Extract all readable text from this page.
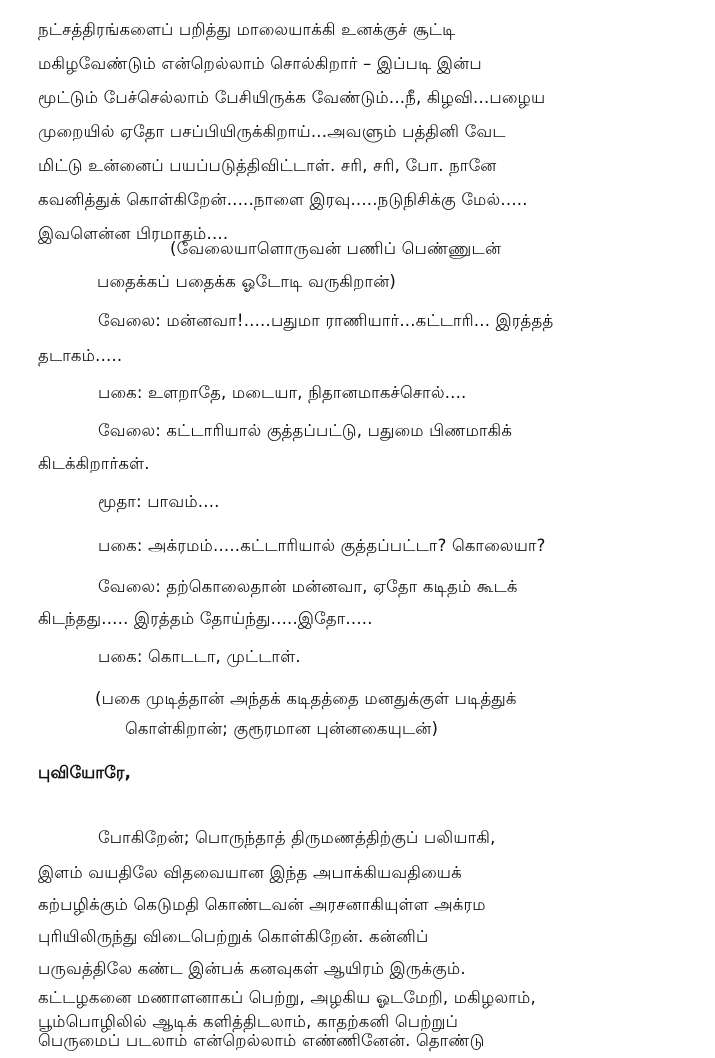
நட்சத்திரங்களைப் பறித்து மாலையாக்கி உனக்குச் சூட்டி
மகிழவேண்டும் என்றெல்லாம் சொல்கிறார் – இப்படி இன்ப
மூட்டும் பேச்செல்லாம் பேசியிருக்க வேண்டும்...நீ, கிழவி...பழைய
முறையில் ஏதோ பசப்பியிருக்கிறாய்...அவளும் பத்தினி வேட
மிட்டு உன்னைப் பயப்படுத்திவிட்டாள். சரி, சரி, போ. நானே
கவனித்துக் கொள்கிறேன்.....நாளை இரவு.....நடுநிசிக்கு மேல்.....
இவளென்ன பிரமாதம்....
(வேலையாளொருவன் பணிப் பெண்ணுடன்
பதைக்கப் பதைக்க ஓடோடி வருகிறான்)
வேலை: மன்னவா!.....பதுமா ராணியார்...கட்டாரி... இரத்தத்
தடாகம்.....
பகை: உளறாதே, மடையா, நிதானமாகச்சொல்....
வேலை: கட்டாரியால் குத்தப்பட்டு, பதுமை பிணமாகிக்
கிடக்கிறார்கள்.
மூதா: பாவம்....
பகை: அக்ரமம்.....கட்டாரியால் குத்தப்பட்டா? கொலையா?
வேலை: தற்கொலைதான் மன்னவா, ஏதோ கடிதம் கூடக்
கிடந்தது..... இரத்தம் தோய்ந்து.....இதோ.....
பகை: கொடடா, முட்டாள்.
(பகை முடித்தான் அந்தக் கடிதத்தை மனதுக்குள் படித்துக்
கொள்கிறான்; குரூரமான புன்னகையுடன்)
புவியோரே,
போகிறேன்; பொருந்தாத் திருமணத்திற்குப் பலியாகி,
இளம் வயதிலே விதவையான இந்த அபாக்கியவதியைக்
கற்பழிக்கும் கெடுமதி கொண்டவன் அரசனாகியுள்ள அக்ரம
புரியிலிருந்து விடைபெற்றுக் கொள்கிறேன். கன்னிப்
பருவத்திலே கண்ட இன்பக் கனவுகள் ஆயிரம் இருக்கும்.
கட்டழகனை மணாளனாகப் பெற்று, அழகிய ஓடமேறி, மகிழலாம்,
பூம்பொழிலில் ஆடிக் களித்திடலாம், காதற்கனி பெற்றுப்
பெருமைப் படலாம் என்றெல்லாம் எண்ணினேன். தொண்டு
